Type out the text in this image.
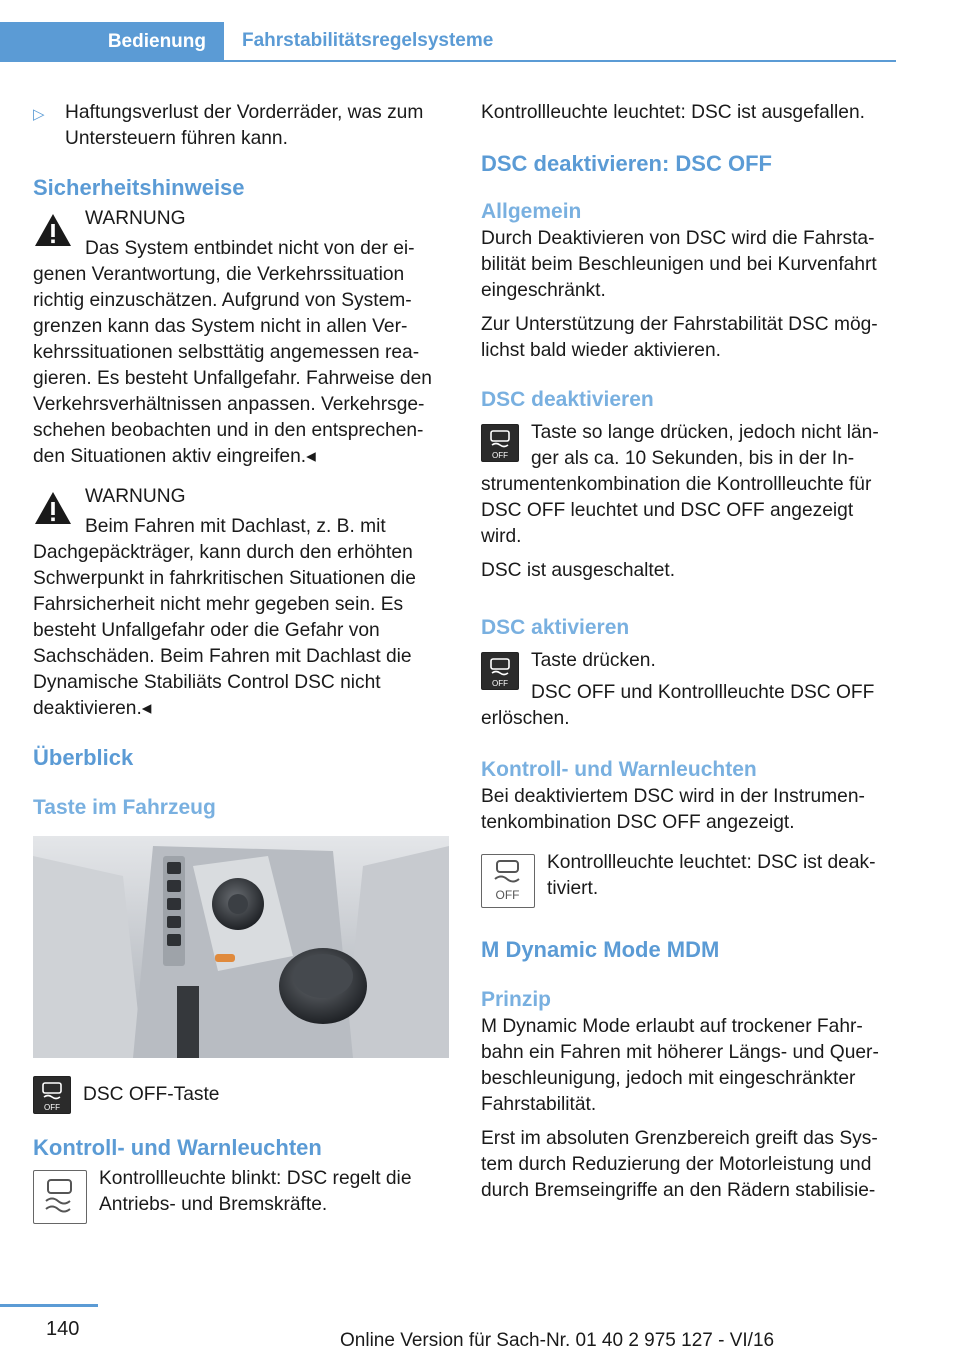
Bedienung Fahrstabilitätsregelsysteme
▷	Haftungsverlust der Vorderräder, was zum Untersteuern führen kann.
Sicherheitshinweise
WARNUNG
Das System entbindet nicht von der ei-genen Verantwortung, die Verkehrssituation richtig einzuschätzen. Aufgrund von System-grenzen kann das System nicht in allen Ver-kehrssituationen selbsttätig angemessen rea-gieren. Es besteht Unfallgefahr. Fahrweise den Verkehrsverhältnissen anpassen. Verkehrsge-schehen beobachten und in den entsprechen-den Situationen aktiv eingreifen.◂
WARNUNG
Beim Fahren mit Dachlast, z. B. mit Dachgepäckträger, kann durch den erhöhten Schwerpunkt in fahrkritischen Situationen die Fahrsicherheit nicht mehr gegeben sein. Es besteht Unfallgefahr oder die Gefahr von Sachschäden. Beim Fahren mit Dachlast die Dynamische Stabiliäts Control DSC nicht deaktivieren.◂
Überblick
Taste im Fahrzeug
OFF
DSC OFF-Taste
Kontroll- und Warnleuchten
Kontrollleuchte blinkt: DSC regelt die Antriebs- und Bremskräfte.

Kontrollleuchte leuchtet: DSC ist ausgefallen.

DSC deaktivieren: DSC OFF
Allgemein

Durch Deaktivieren von DSC wird die Fahrsta-bilität beim Beschleunigen und bei Kurvenfahrt eingeschränkt.

Zur Unterstützung der Fahrstabilität DSC mög-lichst bald wieder aktivieren.

DSC deaktivieren
OFF
Taste so lange drücken, jedoch nicht län-ger als ca. 10 Sekunden, bis in der In-strumentenkombination die Kontrollleuchte für DSC OFF leuchtet und DSC OFF angezeigt wird.

DSC ist ausgeschaltet.

DSC aktivieren
OFF
Taste drücken.
DSC OFF und Kontrollleuchte DSC OFF erlöschen.
Kontroll- und Warnleuchten

Bei deaktiviertem DSC wird in der Instrumen-tenkombination DSC OFF angezeigt.

OFF
Kontrollleuchte leuchtet: DSC ist deak-tiviert.
M Dynamic Mode MDM
Prinzip

M Dynamic Mode erlaubt auf trockener Fahr-bahn ein Fahren mit höherer Längs- und Quer-beschleunigung, jedoch mit eingeschränkter Fahrstabilität.

Erst im absoluten Grenzbereich greift das Sys-tem durch Reduzierung der Motorleistung und durch Bremseingriffe an den Rädern stabilisie-

140
Online Version für Sach-Nr. 01 40 2 975 127 - VI/16
